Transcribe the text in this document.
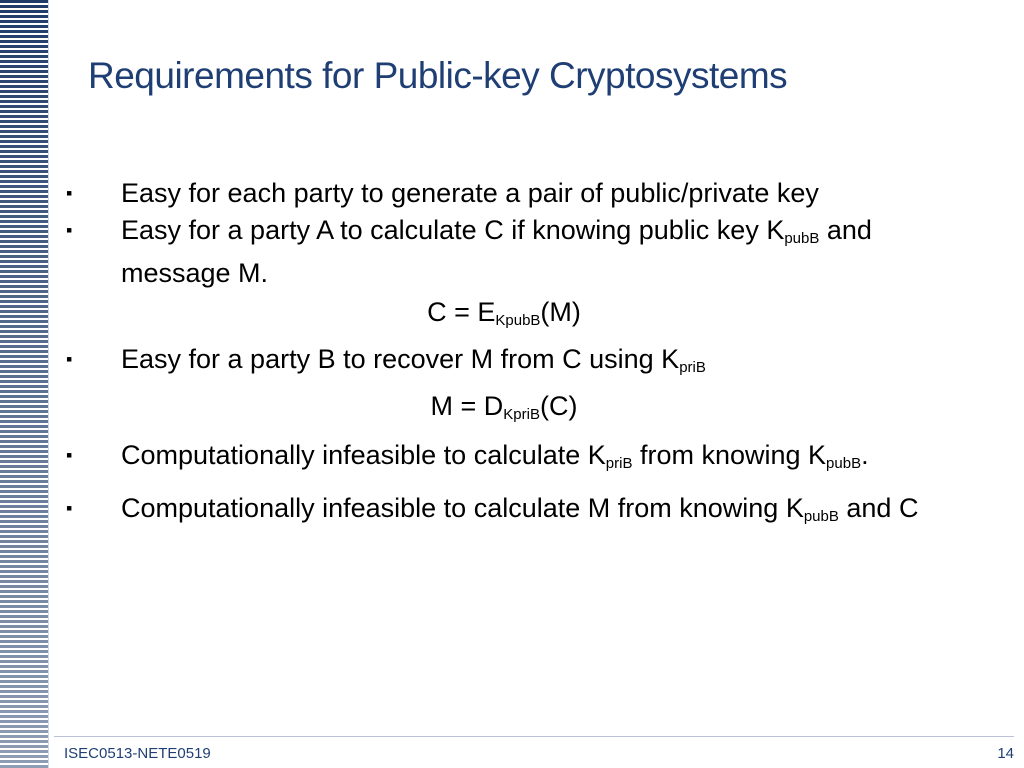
Requirements for Public-key Cryptosystems
▪	Easy for each party to generate a pair of public/private key
▪	Easy for a party A to calculate C if knowing public key $K_{pubB}$ and message M.
$C = E_{KpubB}(M)$
▪	Easy for a party B to recover M from C using $K_{priB}$
$M = D_{KpriB}(C)$
▪	Computationally infeasible to calculate $K_{priB}$ from knowing $K_{pubB}$.
▪	Computationally infeasible to calculate M from knowing $K_{pubB}$ and C
ISEC0513-NETE0519	14
